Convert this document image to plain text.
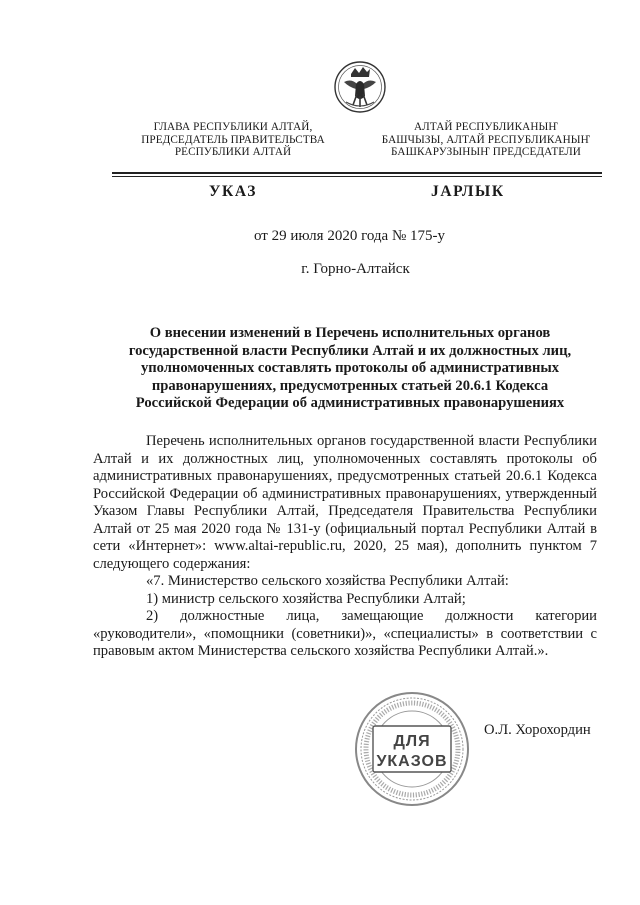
ГЛАВА РЕСПУБЛИКИ АЛТАЙ,
ПРЕДСЕДАТЕЛЬ ПРАВИТЕЛЬСТВА
РЕСПУБЛИКИ АЛТАЙ
АЛТАЙ РЕСПУБЛИКАНЫҤ
БАШЧЫЗЫ, АЛТАЙ РЕСПУБЛИКАНЫҤ
БАШКАРУЗЫНЫҤ ПРЕДСЕДАТЕЛИ
УКАЗ	ЈАРЛЫК
от 29 июля 2020 года № 175-у
г. Горно-Алтайск
О внесении изменений в Перечень исполнительных органов
государственной власти Республики Алтай и их должностных лиц,
уполномоченных составлять протоколы об административных
правонарушениях, предусмотренных статьей 20.6.1 Кодекса
Российской Федерации об административных правонарушениях

Перечень исполнительных органов государственной власти Республики Алтай и их должностных лиц, уполномоченных составлять протоколы об административных правонарушениях, предусмотренных статьей 20.6.1 Кодекса Российской Федерации об административных правонарушениях, утвержденный Указом Главы Республики Алтай, Председателя Правительства Республики Алтай от 25 мая 2020 года № 131-у (официальный портал Республики Алтай в сети «Интернет»: www.altai-republic.ru, 2020, 25 мая), дополнить пунктом 7 следующего содержания:

«7. Министерство сельского хозяйства Республики Алтай:

1) министр сельского хозяйства Республики Алтай;

2) должностные лица, замещающие должности категории «руководители», «помощники (советники)», «специалисты» в соответствии с правовым актом Министерства сельского хозяйства Республики Алтай.».

ДЛЯ
УКАЗОВ
О.Л. Хорохордин
